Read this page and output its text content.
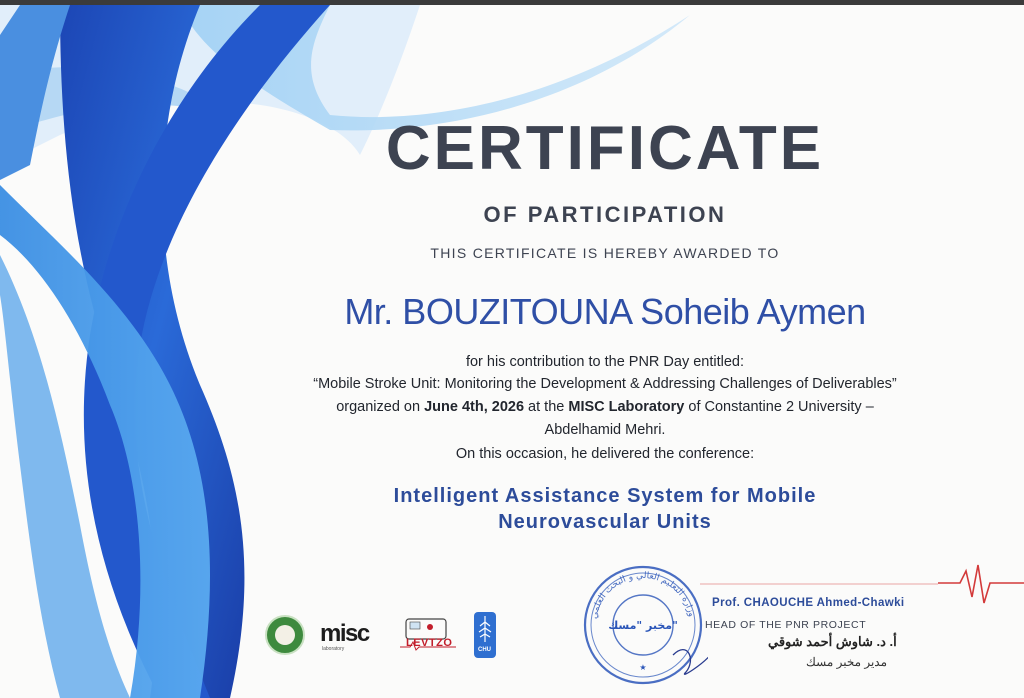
CERTIFICATE
OF PARTICIPATION
THIS CERTIFICATE IS HEREBY AWARDED TO
Mr. BOUZITOUNA Soheib Aymen
for his contribution to the PNR Day entitled:
“Mobile Stroke Unit: Monitoring the Development & Addressing Challenges of Deliverables”
organized on June 4th, 2026 at the MISC Laboratory of Constantine 2 University –
Abdelhamid Mehri.
On this occasion, he delivered the conference:
Intelligent Assistance System for Mobile
Neurovascular Units
misc
laboratory	LEVTZO
CHU
وزارة التعليم العالي و البحث العلمي
مخبر "مسك"
★
Prof. CHAOUCHE Ahmed-Chawki
HEAD OF THE PNR PROJECT
أ. د. شاوش أحمد شوقي
مدير مخبر مسك
